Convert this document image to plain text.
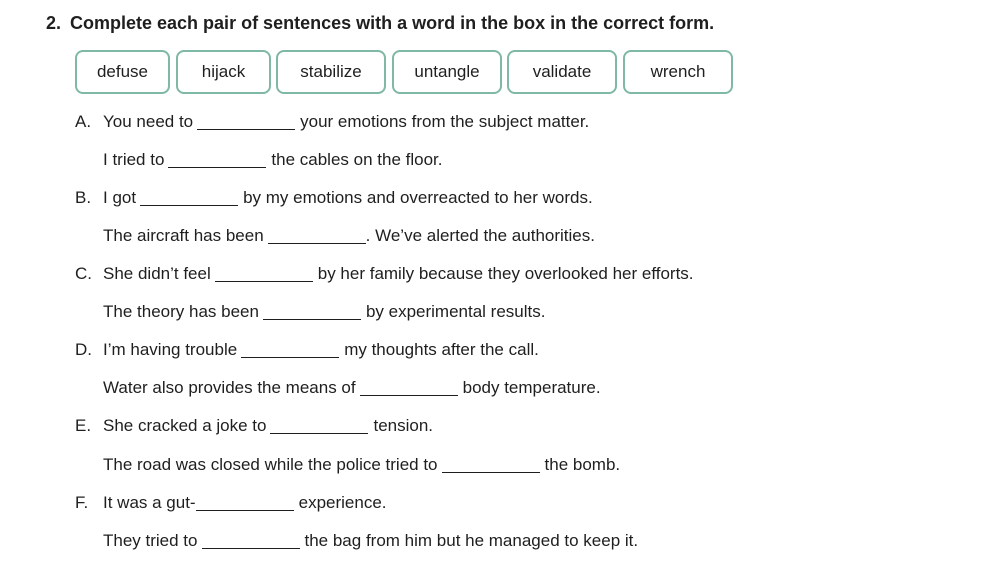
2. Complete each pair of sentences with a word in the box in the correct form.
defuse	hijack	stabilize	untangle	validate	wrench
A. You need to	your emotions from the subject matter.
I tried to	the cables on the floor.
B. I got	by my emotions and overreacted to her words.
The aircraft has been	. We’ve alerted the authorities.
C. She didn’t feel	by her family because they overlooked her efforts.
The theory has been	by experimental results.
D. I’m having trouble	my thoughts after the call.
Water also provides the means of	body temperature.
E. She cracked a joke to	tension.
The road was closed while the police tried to	the bomb.
F. It was a gut-	experience.
They tried to	the bag from him but he managed to keep it.
